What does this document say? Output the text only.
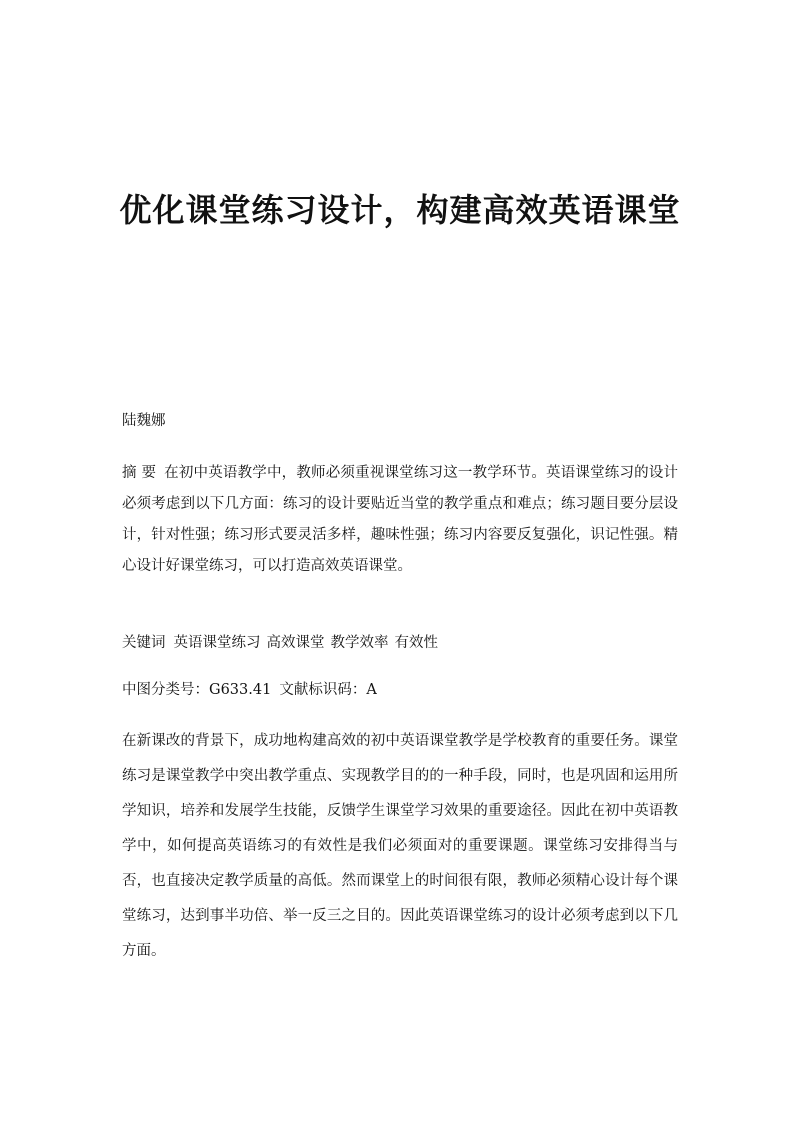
优化课堂练习设计，构建高效英语课堂

陆魏娜

摘 要 在初中英语教学中，教师必须重视课堂练习这一教学环节。英语课堂练习的设计必须考虑到以下几方面：练习的设计要贴近当堂的教学重点和难点；练习题目要分层设计，针对性强；练习形式要灵活多样，趣味性强；练习内容要反复强化，识记性强。精心设计好课堂练习，可以打造高效英语课堂。

关键词 英语课堂练习 高效课堂 教学效率 有效性

中图分类号：G633.41 文献标识码：A

在新课改的背景下，成功地构建高效的初中英语课堂教学是学校教育的重要任务。课堂练习是课堂教学中突出教学重点、实现教学目的的一种手段，同时，也是巩固和运用所学知识，培养和发展学生技能，反馈学生课堂学习效果的重要途径。因此在初中英语教学中，如何提高英语练习的有效性是我们必须面对的重要课题。课堂练习安排得当与否，也直接决定教学质量的高低。然而课堂上的时间很有限，教师必须精心设计每个课堂练习，达到事半功倍、举一反三之目的。因此英语课堂练习的设计必须考虑到以下几方面。
